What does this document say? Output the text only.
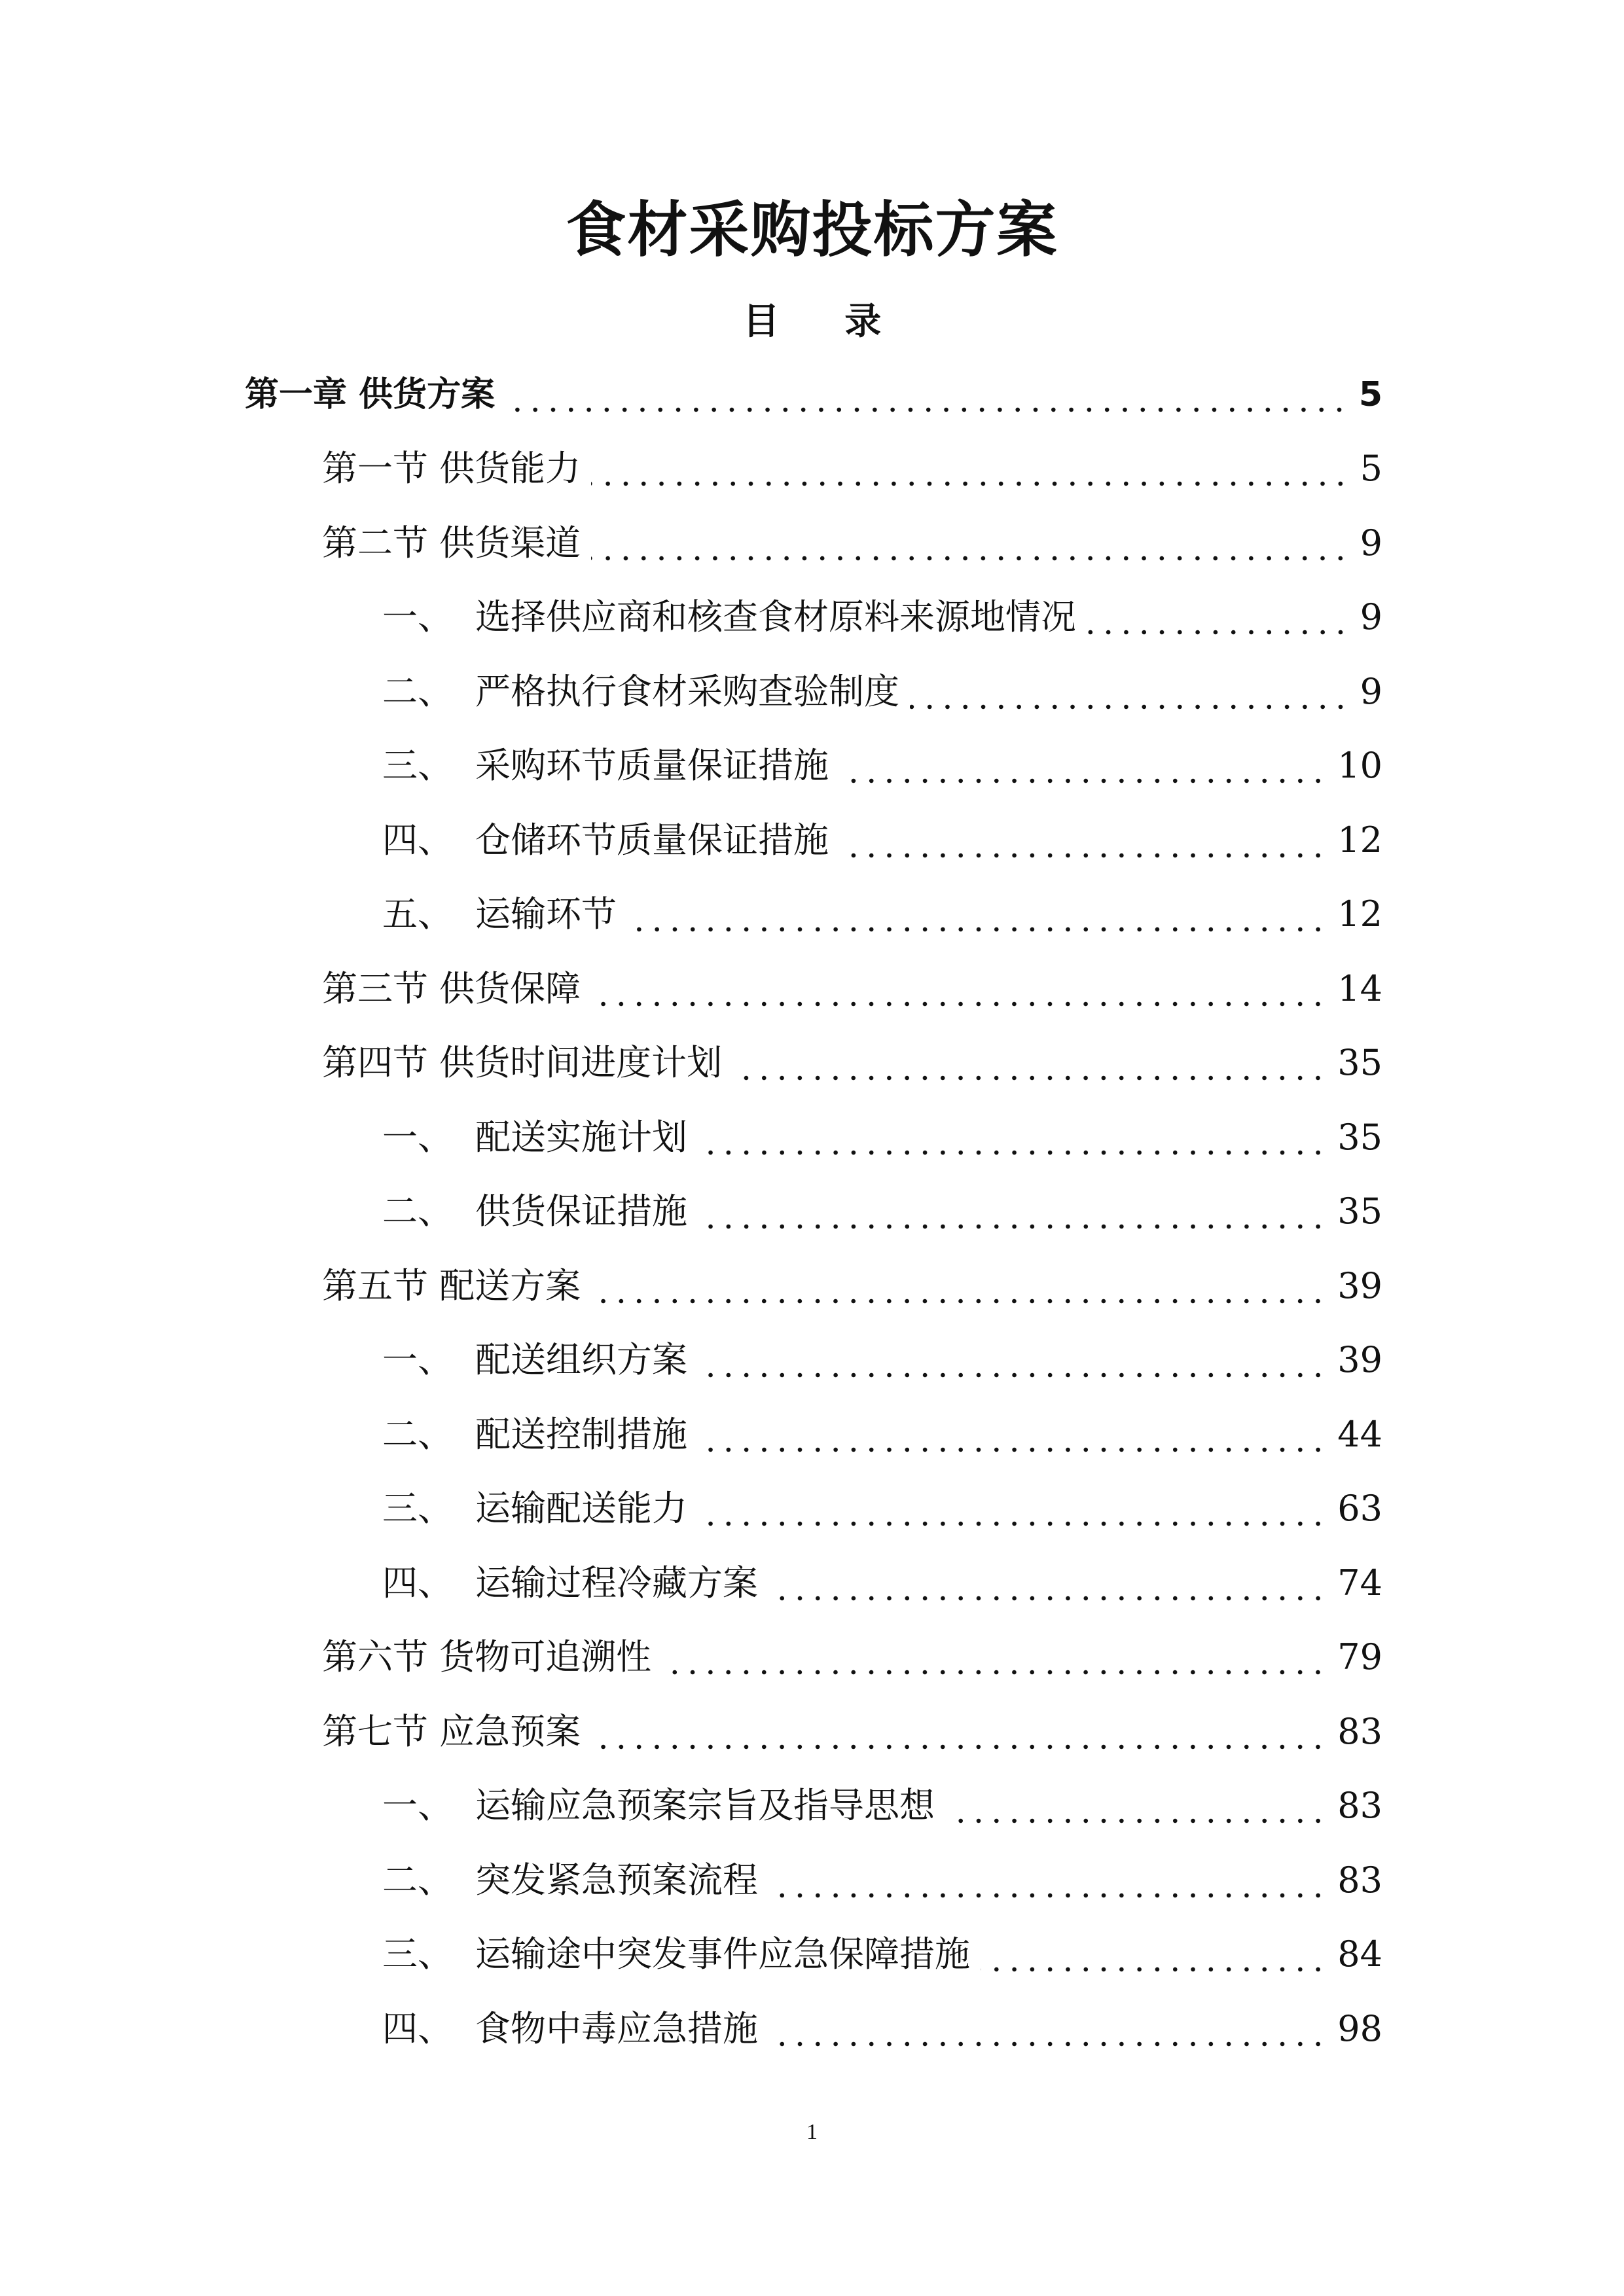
食材采购投标方案
目 录
第一章 供货方案	5
第一节 供货能力	5
第二节 供货渠道	9
一、 选择供应商和核查食材原料来源地情况	9
二、 严格执行食材采购查验制度	9
三、 采购环节质量保证措施	10
四、 仓储环节质量保证措施	12
五、 运输环节	12
第三节 供货保障	14
第四节 供货时间进度计划	35
一、 配送实施计划	35
二、 供货保证措施	35
第五节 配送方案	39
一、 配送组织方案	39
二、 配送控制措施	44
三、 运输配送能力	63
四、 运输过程冷藏方案	74
第六节 货物可追溯性	79
第七节 应急预案	83
一、 运输应急预案宗旨及指导思想	83
二、 突发紧急预案流程	83
三、 运输途中突发事件应急保障措施	84
四、 食物中毒应急措施	98
1
